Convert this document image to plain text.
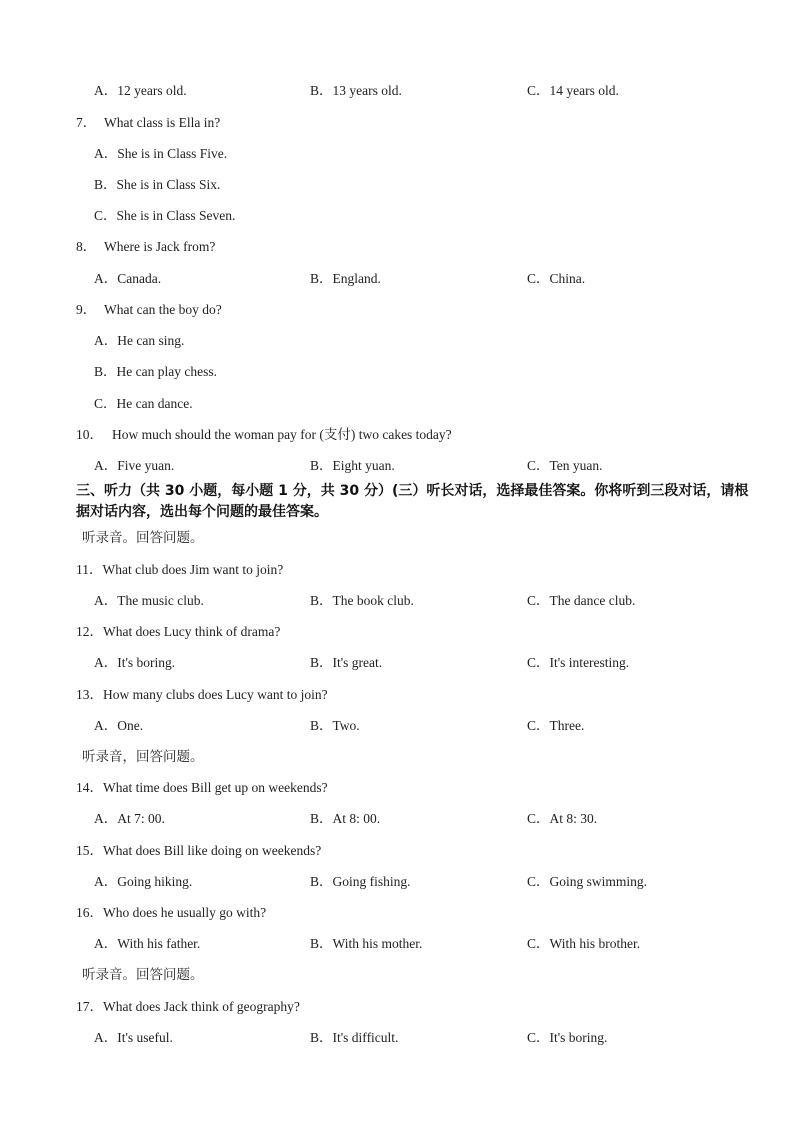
A．12 years old.	B．13 years old.	C．14 years old.
7． What class is Ella in?
A．She is in Class Five.
B．She is in Class Six.
C．She is in Class Seven.
8． Where is Jack from?
A．Canada.	B．England.	C．China.
9． What can the boy do?
A．He can sing.
B．He can play chess.
C．He can dance.
10． How much should the woman pay for (支付) two cakes today?
A．Five yuan.	B．Eight yuan.	C．Ten yuan.
三、听力（共 30 小题，每小题 1 分，共 30 分）(三）听长对话，选择最佳答案。你将听到三段对话，请根据对话内容，选出每个问题的最佳答案。
听录音。回答问题。
11．What club does Jim want to join?
A．The music club.	B．The book club.	C．The dance club.
12．What does Lucy think of drama?
A．It's boring.	B．It's great.	C．It's interesting.
13．How many clubs does Lucy want to join?
A．One.	B．Two.	C．Three.
听录音，回答问题。
14．What time does Bill get up on weekends?
A．At 7: 00.	B．At 8: 00.	C．At 8: 30.
15．What does Bill like doing on weekends?
A．Going hiking.	B．Going fishing.	C．Going swimming.
16．Who does he usually go with?
A．With his father.	B．With his mother.	C．With his brother.
听录音。回答问题。
17．What does Jack think of geography?
A．It's useful.	B．It's difficult.	C．It's boring.
